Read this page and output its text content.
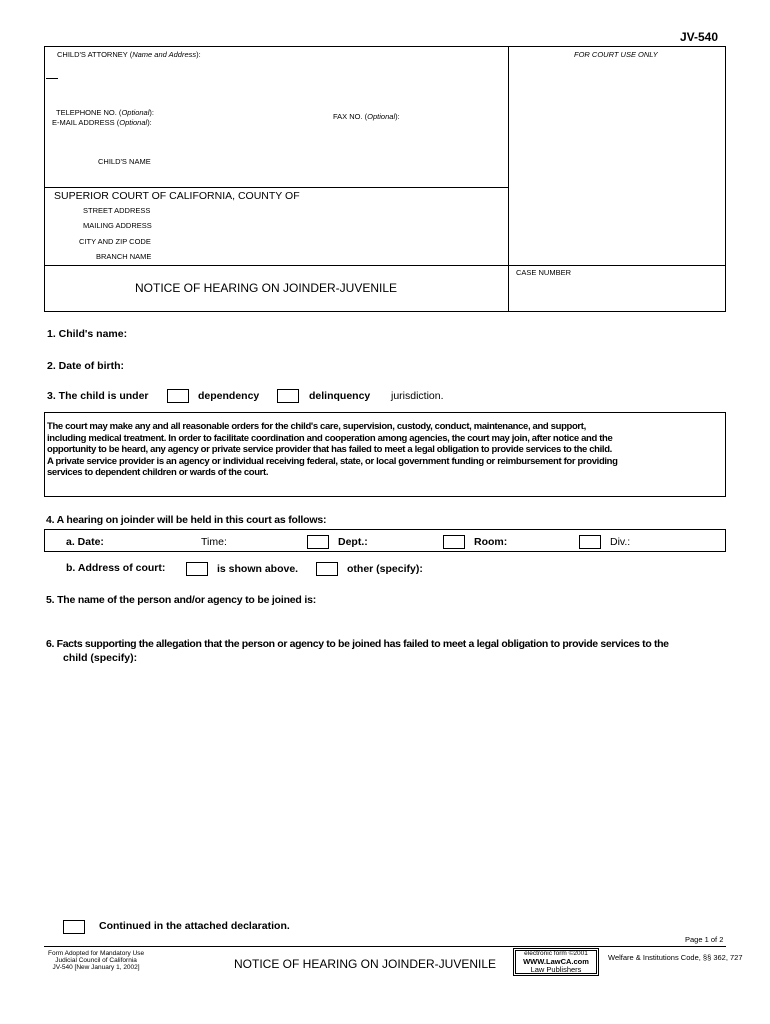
JV-540
CHILD'S ATTORNEY (Name and Address):	FOR COURT USE ONLY
TELEPHONE NO. (Optional):	FAX NO. (Optional):
E-MAIL ADDRESS (Optional):
CHILD'S NAME
SUPERIOR COURT OF CALIFORNIA, COUNTY OF
STREET ADDRESS
MAILING ADDRESS
CITY AND ZIP CODE
BRANCH NAME
CASE NUMBER
NOTICE OF HEARING ON JOINDER-JUVENILE
1. Child's name:
2. Date of birth:
3. The child is under	dependency	delinquency jurisdiction.
The court may make any and all reasonable orders for the child's care, supervision, custody, conduct, maintenance, and support,
including medical treatment. In order to facilitate coordination and cooperation among agencies, the court may join, after notice and the
opportunity to be heard, any agency or private service provider that has failed to meet a legal obligation to provide services to the child.
A private service provider is an agency or individual receiving federal, state, or local government funding or reimbursement for providing
services to dependent children or wards of the court.
4. A hearing on joinder will be held in this court as follows:
a. Date:	Time:	Dept.:	Room:	Div.:
b. Address of court:	is shown above.	other (specify):
5. The name of the person and/or agency to be joined is:
6. Facts supporting the allegation that the person or agency to be joined has failed to meet a legal obligation to provide services to the
child (specify):
Continued in the attached declaration.
Page 1 of 2
Form Adopted for Mandatory Use
Judicial Council of California
JV-540 [New January 1, 2002]	NOTICE OF HEARING ON JOINDER-JUVENILE
electronic form ©2001
WWW.LawCA.com
Law Publishers
Welfare & Institutions Code, §§ 362, 727
